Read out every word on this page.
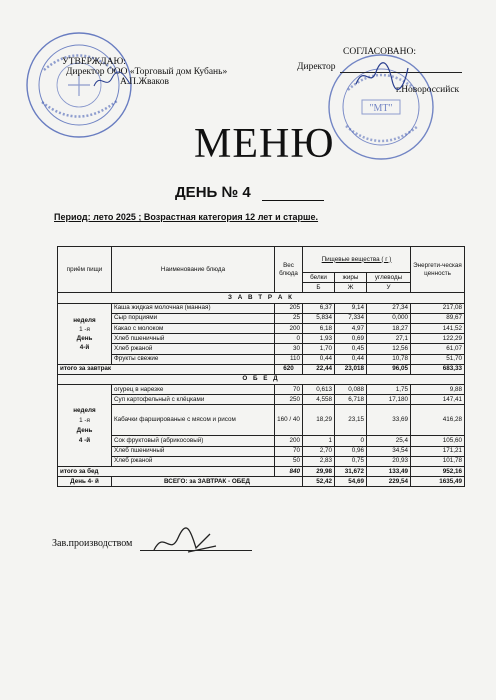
"МТ"
УТВЕРЖДАЮ:
Директор ООО «Торговый дом Кубань»
А.П.Жваков
СОГЛАСОВАНО:
Директор
г.Новороссийск
МЕНЮ
ДЕНЬ № 4
Период: лето 2025 ; Возрастная категория 12 лет и старше.
приём пищи	Наименование блюда	Вес блюда	Пищевые вещества ( г )			Энергети-ческая ценность
			белки	жиры	углеводы	
			Б	Ж	У	
З А В Т Р А К						

неделя
1 -я
День
4-й	Каша жидкая молочная (манная)	205	6,37	9,14	27,34	217,08
	Сыр порциями	25	5,834	7,334	0,000	89,67
	Какао с молоком	200	6,18	4,97	18,27	141,52
	Хлеб пшеничный	0	1,93	0,69	27,1	122,29
	Хлеб ржаной	30	1,70	0,45	12,56	61,07
	Фрукты свежие	110	0,44	0,44	10,78	51,70
итого за завтрак		620	22,44	23,018	96,05	683,33
О Б Е Д						

неделя
1 -я
День
4 -й	огурец в нарезке	70	0,613	0,088	1,75	9,88
	Суп картофельный с клёцками	250	4,558	6,718	17,180	147,41
	Кабачки фаршированые с мясом и рисом	160 / 40	18,29	23,15	33,69	416,28
	Сок фруктовый (абрикосовый)	200	1	0	25,4	105,60
	Хлеб пшеничный	70	2,70	0,96	34,54	171,21
	Хлеб ржаной	50	2,83	0,75	20,93	101,78
итого за бед		840	29,98	31,672	133,49	952,16
День 4- й	ВСЕГО: за ЗАВТРАК - ОБЕД		52,42	54,69	229,54	1635,49
Зав.производством
